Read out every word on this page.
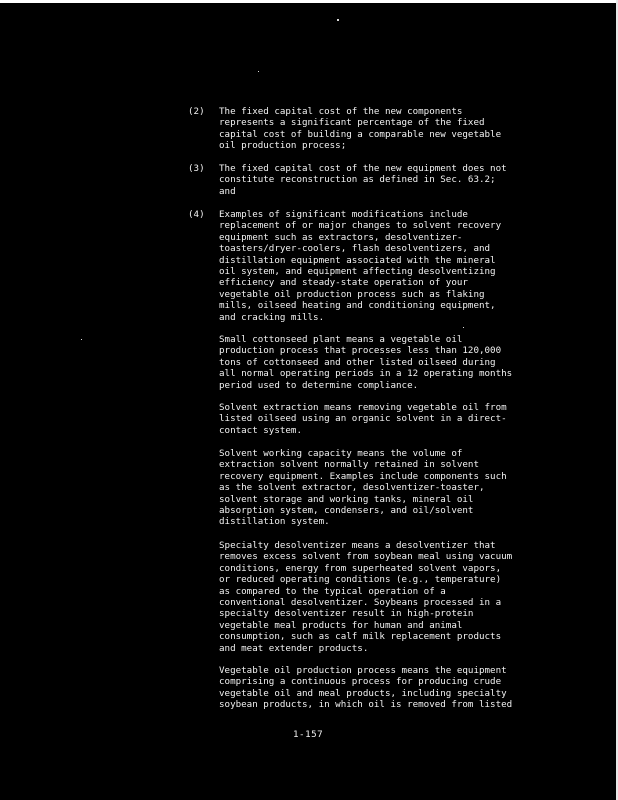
(2)	The fixed capital cost of the new components
represents a significant percentage of the fixed
capital cost of building a comparable new vegetable
oil production process;
(3)	The fixed capital cost of the new equipment does not
constitute reconstruction as defined in Sec. 63.2;
and
(4)	Examples of significant modifications include
replacement of or major changes to solvent recovery
equipment such as extractors, desolventizer-
toasters/dryer-coolers, flash desolventizers, and
distillation equipment associated with the mineral
oil system, and equipment affecting desolventizing
efficiency and steady-state operation of your
vegetable oil production process such as flaking
mills, oilseed heating and conditioning equipment,
and cracking mills.
Small cottonseed plant means a vegetable oil
production process that processes less than 120,000
tons of cottonseed and other listed oilseed during
all normal operating periods in a 12 operating months
period used to determine compliance.
Solvent extraction means removing vegetable oil from
listed oilseed using an organic solvent in a direct-
contact system.
Solvent working capacity means the volume of
extraction solvent normally retained in solvent
recovery equipment. Examples include components such
as the solvent extractor, desolventizer-toaster,
solvent storage and working tanks, mineral oil
absorption system, condensers, and oil/solvent
distillation system.
Specialty desolventizer means a desolventizer that
removes excess solvent from soybean meal using vacuum
conditions, energy from superheated solvent vapors,
or reduced operating conditions (e.g., temperature)
as compared to the typical operation of a
conventional desolventizer. Soybeans processed in a
specialty desolventizer result in high-protein
vegetable meal products for human and animal
consumption, such as calf milk replacement products
and meat extender products.
Vegetable oil production process means the equipment
comprising a continuous process for producing crude
vegetable oil and meal products, including specialty
soybean products, in which oil is removed from listed
1-157
